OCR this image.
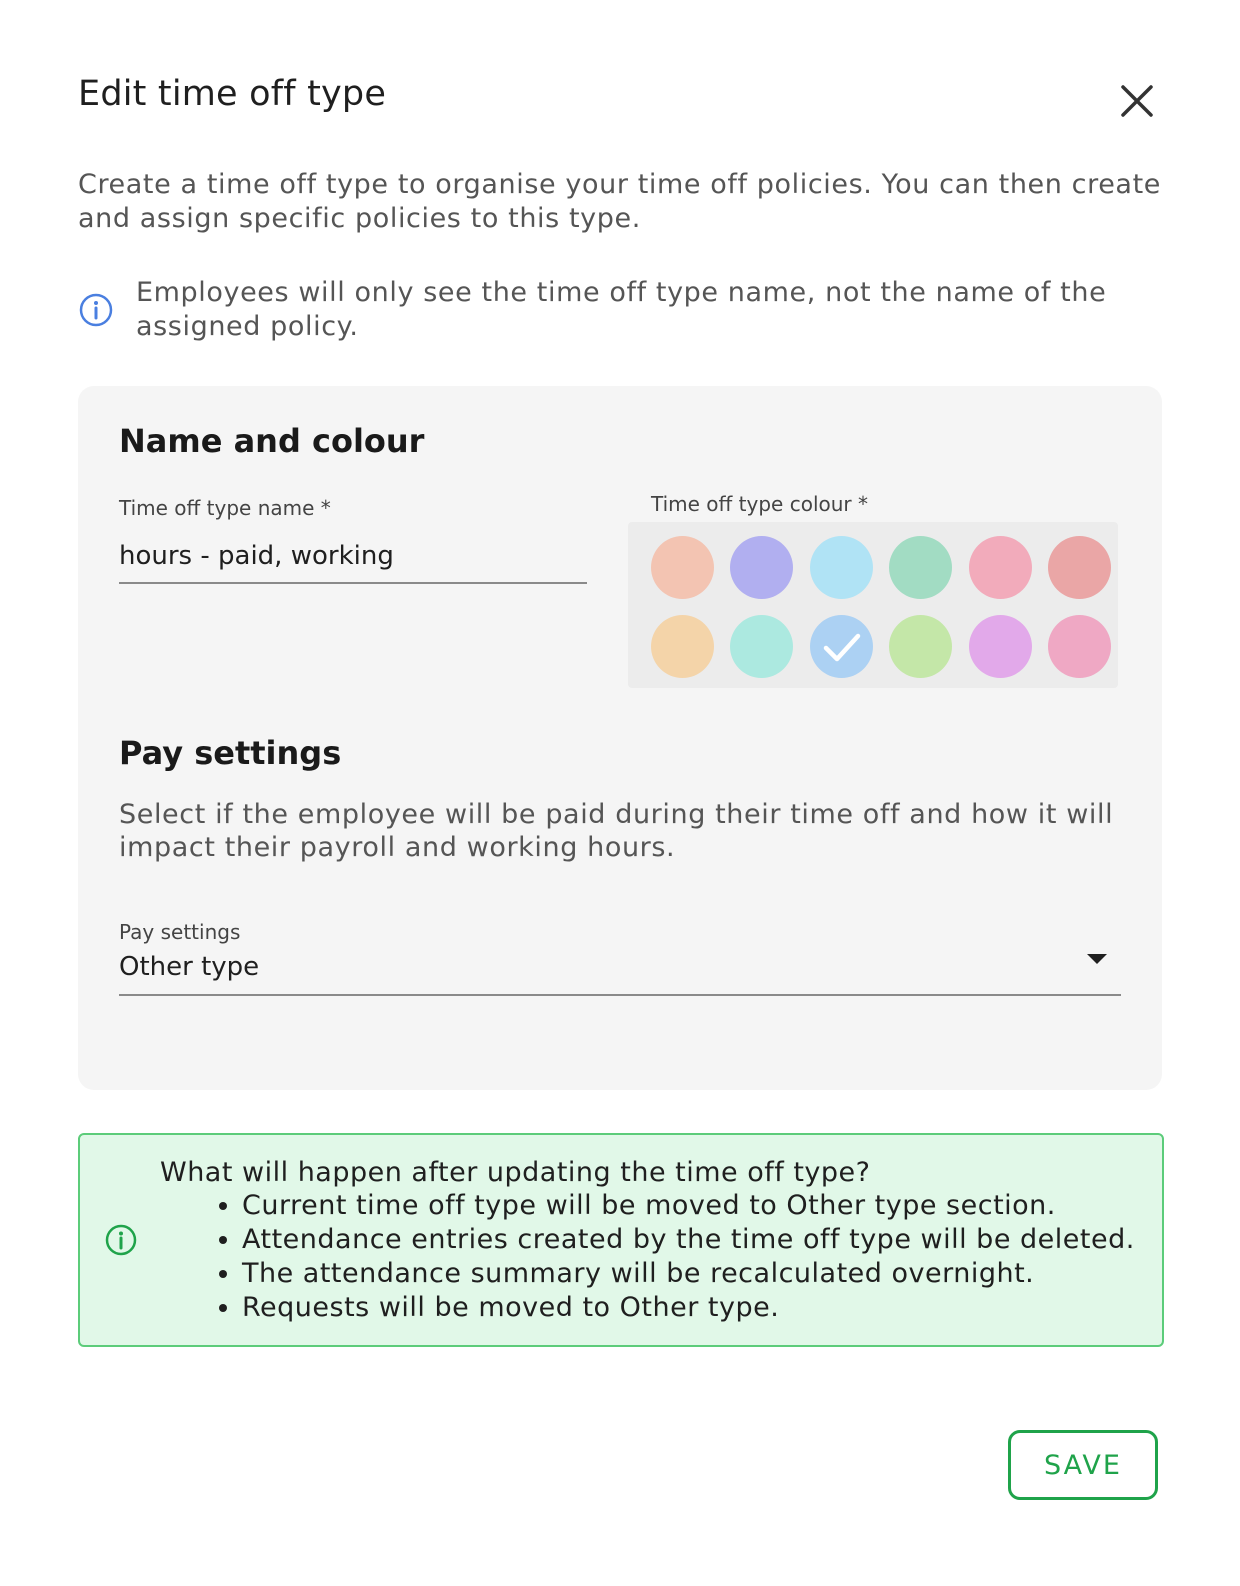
Edit time off type
Create a time off type to organise your time off policies. You can then create and assign specific policies to this type.
Employees will only see the time off type name, not the name of the assigned policy.
Name and colour
Time off type name *
hours - paid, working	Time off type colour *
Pay settings
Select if the employee will be paid during their time off and how it will impact their payroll and working hours.
Pay settings
Other type
What will happen after updating the time off type?
• Current time off type will be moved to Other type section.
• Attendance entries created by the time off type will be deleted.
• The attendance summary will be recalculated overnight.
• Requests will be moved to Other type.
SAVE
